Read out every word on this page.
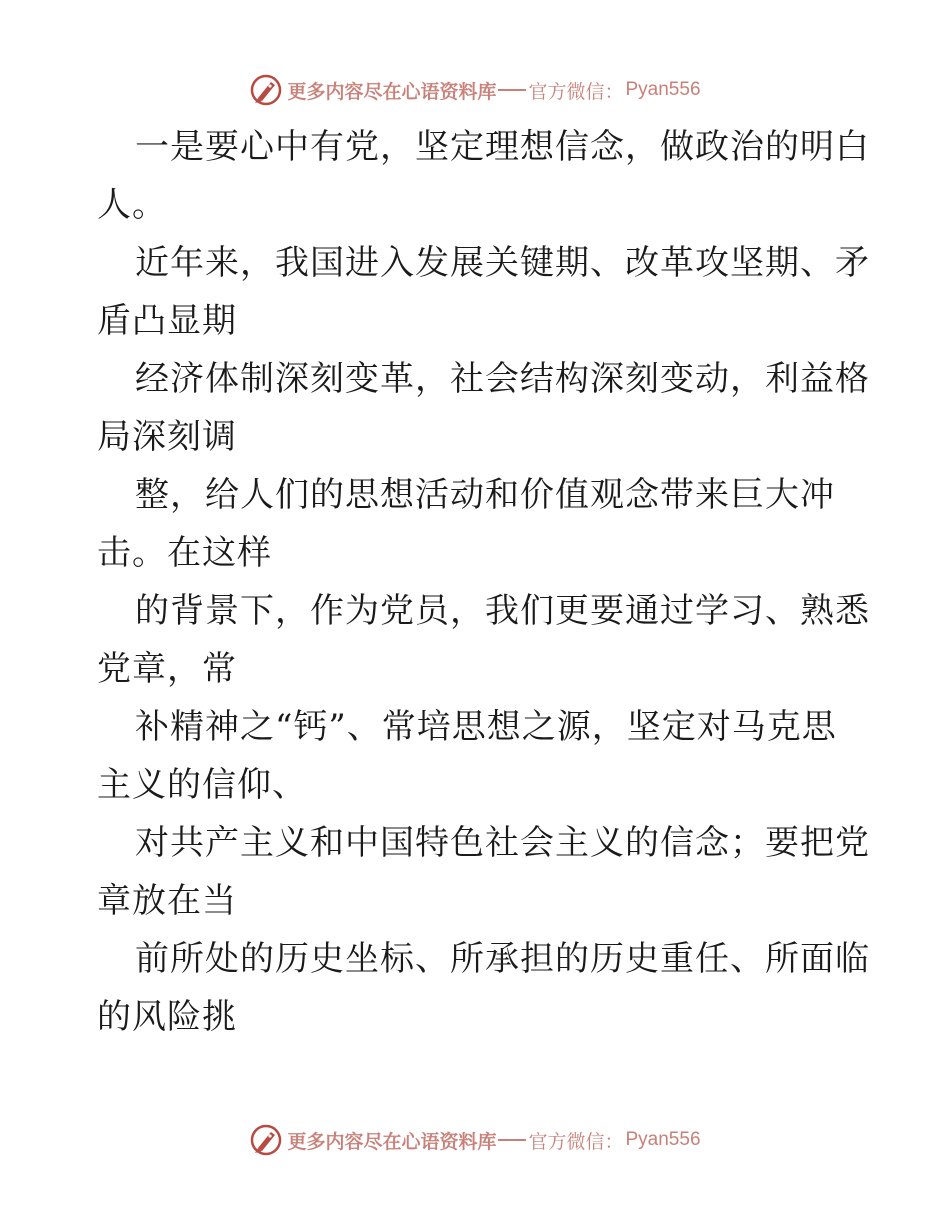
更多内容尽在心语资料库 官方微信： Pyan556
一是要心中有党，坚定理想信念，做政治的明白
人。
近年来，我国进入发展关键期、改革攻坚期、矛
盾凸显期
经济体制深刻变革，社会结构深刻变动，利益格
局深刻调
整，给人们的思想活动和价值观念带来巨大冲
击。在这样
的背景下，作为党员，我们更要通过学习、熟悉
党章，常
补精神之“钙”、常培思想之源，坚定对马克思
主义的信仰、
对共产主义和中国特色社会主义的信念；要把党
章放在当
前所处的历史坐标、所承担的历史重任、所面临
的风险挑
更多内容尽在心语资料库 官方微信： Pyan556
